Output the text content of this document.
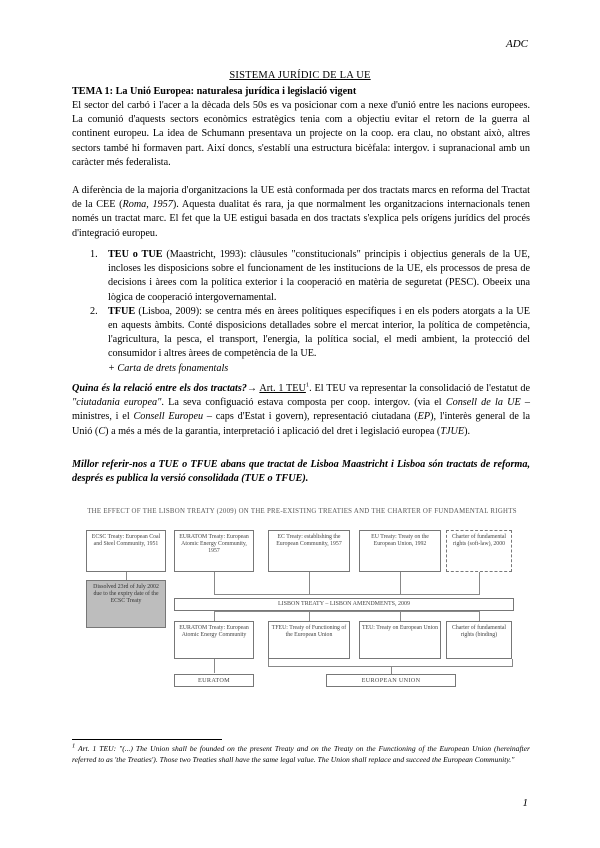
ADC
SISTEMA JURÍDIC DE LA UE
TEMA 1: La Unió Europea: naturalesa jurídica i legislació vigent

El sector del carbó i l'acer a la dècada dels 50s es va posicionar com a nexe d'unió entre les nacions europees. La comunió d'aquests sectors econòmics estratègics tenia com a objectiu evitar el retorn de la guerra al continent europeu. La idea de Schumann presentava un projecte on la coop. era clau, no obstant això, altres sectors també hi formaven part. Així doncs, s'establí una estructura bicèfala: intergov. i supranacional amb un caràcter més federalista.

A diferència de la majoria d'organitzacions la UE està conformada per dos tractats marcs en reforma del Tractat de la CEE (Roma, 1957). Aquesta dualitat és rara, ja que normalment les organitzacions internacionals tenen només un tractat marc. El fet que la UE estigui basada en dos tractats s'explica pels orígens jurídics del procés d'integració europeu.

1. TEU o TUE (Maastricht, 1993): clàusules "constitucionals" principis i objectius generals de la UE, incloses les disposicions sobre el funcionament de les institucions de la UE, els processos de presa de decisions i àrees com la política exterior i la cooperació en matèria de seguretat (PESC). Obeeix una lògica de cooperació intergovernamental.
2. TFUE (Lisboa, 2009): se centra més en àrees polítiques específiques i en els poders atorgats a la UE en aquests àmbits. Conté disposicions detallades sobre el mercat interior, la política de competència, l'agricultura, la pesca, el transport, l'energia, la política social, el medi ambient, la protecció del consumidor i altres àrees de competència de la UE.
+ Carta de drets fonamentals

Quina és la relació entre els dos tractats?→ Art. 1 TEU$^1$. El TEU va representar la consolidació de l'estatut de "ciutadania europea". La seva configuació estava composta per coop. intergov. (via el Consell de la UE – ministres, i el Consell Europeu – caps d'Estat i govern), representació ciutadana (EP), l'interès general de la Unió (C) a més a més de la garantia, interpretació i aplicació del dret i legislació europea (TJUE).

Millor referir-nos a TUE o TFUE abans que tractat de Lisboa Maastricht i Lisboa són tractats de reforma, després es publica la versió consolidada (TUE o TFUE).

THE EFFECT OF THE LISBON TREATY (2009) ON THE PRE-EXISTING TREATIES AND THE CHARTER OF FUNDAMENTAL RIGHTS
ECSC Treaty: European Coal and Steel Community, 1951
EURATOM Treaty: European Atomic Energy Community, 1957
EC Treaty: establishing the European Community, 1957
EU Treaty: Treaty on the European Union, 1992
Charter of fundamental rights (soft-law), 2000
Dissolved 23rd of July 2002 due to the expiry date of the ECSC Treaty	LISBON TREATY – LISBON AMENDMENTS, 2009
EURATOM Treaty: European Atomic Energy Community
TFEU: Treaty of Functioning of the European Union
TEU: Treaty on European Union	Charter of fundamental rights (binding)
EURATOM	EUROPEAN UNION
$^1$ Art. 1 TEU: "(...) The Union shall be founded on the present Treaty and on the Treaty on the Functioning of the European Union (hereinafter referred to as 'the Treaties'). Those two Treaties shall have the same legal value. The Union shall replace and succeed the European Community."
1
